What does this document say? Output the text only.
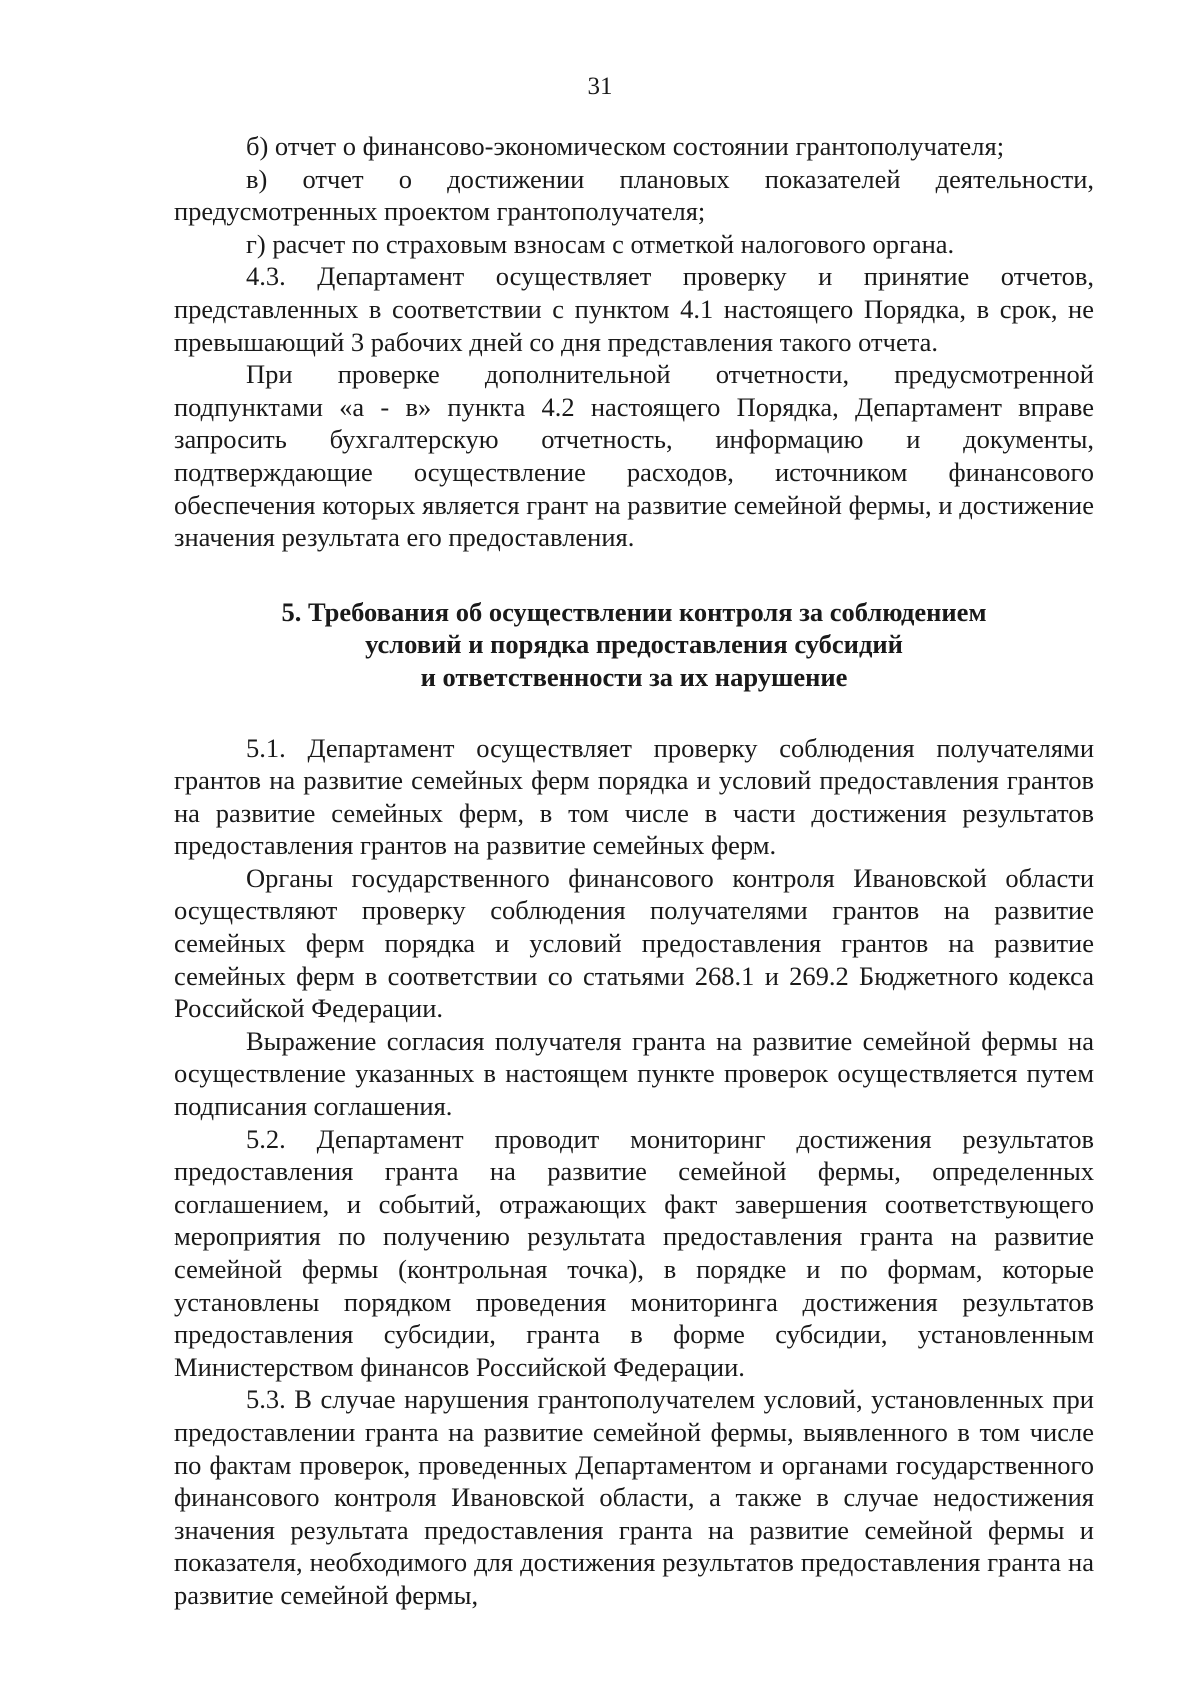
31

б) отчет о финансово-экономическом состоянии грантополучателя;

в) отчет о достижении плановых показателей деятельности, предусмотренных проектом грантополучателя;

г) расчет по страховым взносам с отметкой налогового органа.

4.3. Департамент осуществляет проверку и принятие отчетов, представленных в соответствии с пунктом 4.1 настоящего Порядка, в срок, не превышающий 3 рабочих дней со дня представления такого отчета.

При проверке дополнительной отчетности, предусмотренной подпунктами «а - в» пункта 4.2 настоящего Порядка, Департамент вправе запросить бухгалтерскую отчетность, информацию и документы, подтверждающие осуществление расходов, источником финансового обеспечения которых является грант на развитие семейной фермы, и достижение значения результата его предоставления.

5. Требования об осуществлении контроля за соблюдением
условий и порядка предоставления субсидий
и ответственности за их нарушение

5.1. Департамент осуществляет проверку соблюдения получателями грантов на развитие семейных ферм порядка и условий предоставления грантов на развитие семейных ферм, в том числе в части достижения результатов предоставления грантов на развитие семейных ферм.

Органы государственного финансового контроля Ивановской области осуществляют проверку соблюдения получателями грантов на развитие семейных ферм порядка и условий предоставления грантов на развитие семейных ферм в соответствии со статьями 268.1 и 269.2 Бюджетного кодекса Российской Федерации.

Выражение согласия получателя гранта на развитие семейной фермы на осуществление указанных в настоящем пункте проверок осуществляется путем подписания соглашения.

5.2. Департамент проводит мониторинг достижения результатов предоставления гранта на развитие семейной фермы, определенных соглашением, и событий, отражающих факт завершения соответствующего мероприятия по получению результата предоставления гранта на развитие семейной фермы (контрольная точка), в порядке и по формам, которые установлены порядком проведения мониторинга достижения результатов предоставления субсидии, гранта в форме субсидии, установленным Министерством финансов Российской Федерации.

5.3. В случае нарушения грантополучателем условий, установленных при предоставлении гранта на развитие семейной фермы, выявленного в том числе по фактам проверок, проведенных Департаментом и органами государственного финансового контроля Ивановской области, а также в случае недостижения значения результата предоставления гранта на развитие семейной фермы и показателя, необходимого для достижения результатов предоставления гранта на развитие семейной фермы,
